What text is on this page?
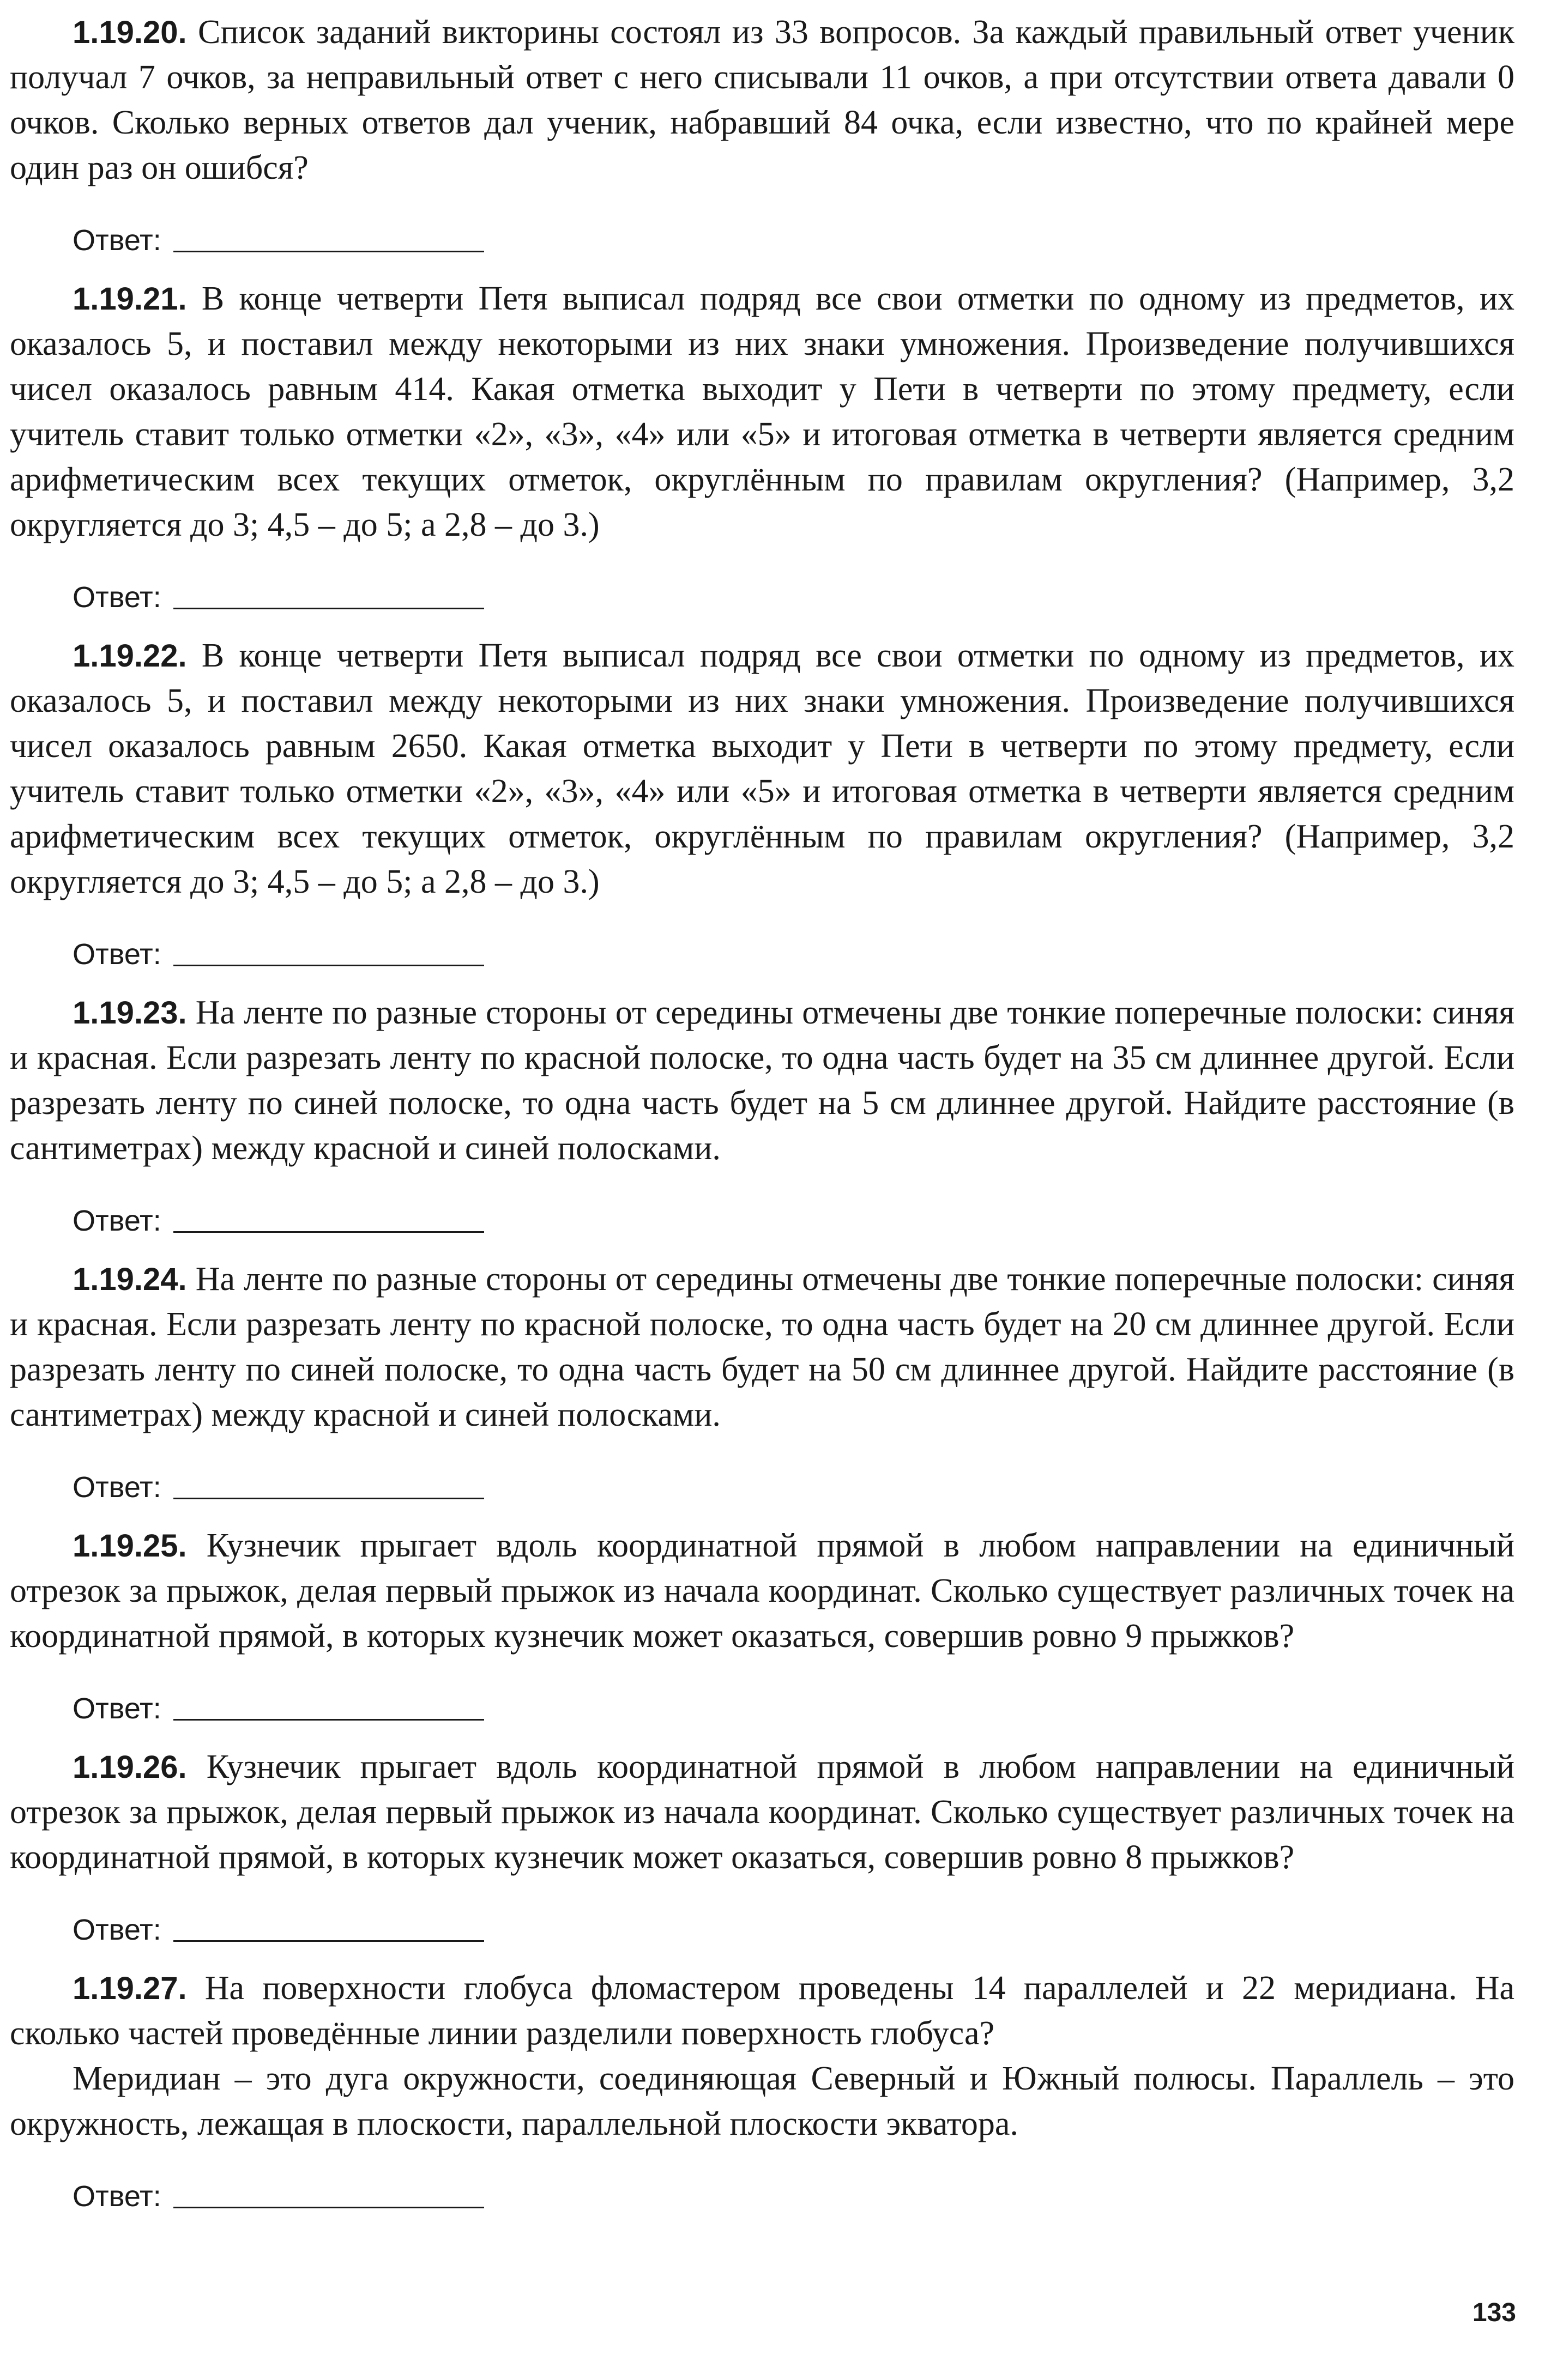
1.19.20. Список заданий викторины состоял из 33 вопросов. За каждый правильный ответ ученик получал 7 очков, за неправильный ответ с него списывали 11 очков, а при отсутствии ответа давали 0 очков. Сколько верных ответов дал ученик, набравший 84 очка, если известно, что по крайней мере один раз он ошибся?

Ответ:

1.19.21. В конце четверти Петя выписал подряд все свои отметки по одному из предметов, их оказалось 5, и поставил между некоторыми из них знаки умножения. Произведение получившихся чисел оказалось равным 414. Какая отметка выходит у Пети в четверти по этому предмету, если учитель ставит только отметки «2», «3», «4» или «5» и итоговая отметка в четверти является средним арифметическим всех текущих отметок, округлённым по правилам округления? (Например, 3,2 округляется до 3; 4,5 – до 5; а 2,8 – до 3.)

Ответ:

1.19.22. В конце четверти Петя выписал подряд все свои отметки по одному из предметов, их оказалось 5, и поставил между некоторыми из них знаки умножения. Произведение получившихся чисел оказалось равным 2650. Какая отметка выходит у Пети в четверти по этому предмету, если учитель ставит только отметки «2», «3», «4» или «5» и итоговая отметка в четверти является средним арифметическим всех текущих отметок, округлённым по правилам округления? (Например, 3,2 округляется до 3; 4,5 – до 5; а 2,8 – до 3.)

Ответ:

1.19.23. На ленте по разные стороны от середины отмечены две тонкие поперечные полоски: синяя и красная. Если разрезать ленту по красной полоске, то одна часть будет на 35 см длиннее другой. Если разрезать ленту по синей полоске, то одна часть будет на 5 см длиннее другой. Найдите расстояние (в сантиметрах) между красной и синей полосками.

Ответ:

1.19.24. На ленте по разные стороны от середины отмечены две тонкие поперечные полоски: синяя и красная. Если разрезать ленту по красной полоске, то одна часть будет на 20 см длиннее другой. Если разрезать ленту по синей полоске, то одна часть будет на 50 см длиннее другой. Найдите расстояние (в сантиметрах) между красной и синей полосками.

Ответ:

1.19.25. Кузнечик прыгает вдоль координатной прямой в любом направлении на единичный отрезок за прыжок, делая первый прыжок из начала координат. Сколько существует различных точек на координатной прямой, в которых кузнечик может оказаться, совершив ровно 9 прыжков?

Ответ:

1.19.26. Кузнечик прыгает вдоль координатной прямой в любом направлении на единичный отрезок за прыжок, делая первый прыжок из начала координат. Сколько существует различных точек на координатной прямой, в которых кузнечик может оказаться, совершив ровно 8 прыжков?

Ответ:

1.19.27. На поверхности глобуса фломастером проведены 14 параллелей и 22 меридиана. На сколько частей проведённые линии разделили поверхность глобуса?

Меридиан – это дуга окружности, соединяющая Северный и Южный полюсы. Параллель – это окружность, лежащая в плоскости, параллельной плоскости экватора.

Ответ:
133
